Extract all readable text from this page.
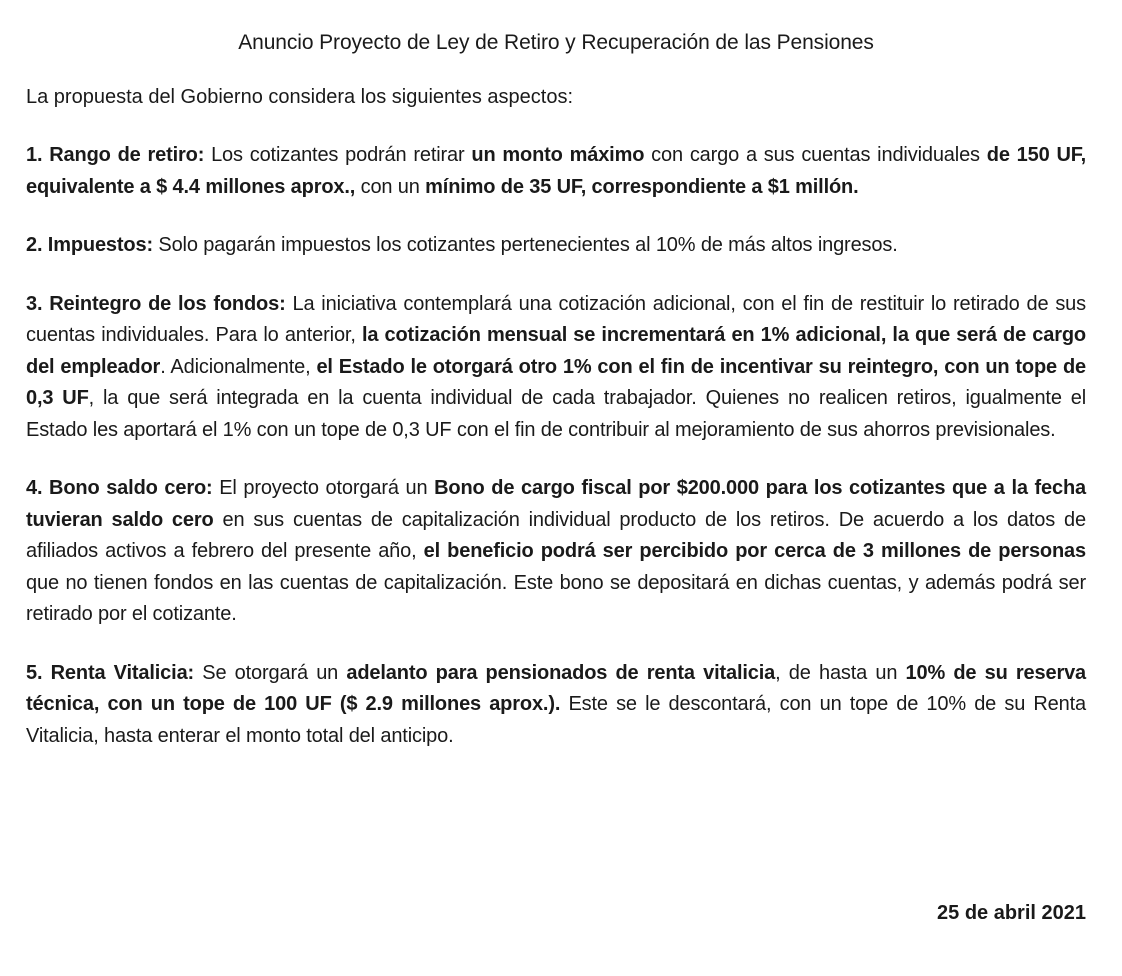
Anuncio Proyecto de Ley de Retiro y Recuperación de las Pensiones
La propuesta del Gobierno considera los siguientes aspectos:
1. Rango de retiro: Los cotizantes podrán retirar un monto máximo con cargo a sus cuentas individuales de 150 UF, equivalente a $ 4.4 millones aprox., con un mínimo de 35 UF, correspondiente a $1 millón.
2. Impuestos: Solo pagarán impuestos los cotizantes pertenecientes al 10% de más altos ingresos.
3. Reintegro de los fondos: La iniciativa contemplará una cotización adicional, con el fin de restituir lo retirado de sus cuentas individuales. Para lo anterior, la cotización mensual se incrementará en 1% adicional, la que será de cargo del empleador. Adicionalmente, el Estado le otorgará otro 1% con el fin de incentivar su reintegro, con un tope de 0,3 UF, la que será integrada en la cuenta individual de cada trabajador. Quienes no realicen retiros, igualmente el Estado les aportará el 1% con un tope de 0,3 UF con el fin de contribuir al mejoramiento de sus ahorros previsionales.
4. Bono saldo cero: El proyecto otorgará un Bono de cargo fiscal por $200.000 para los cotizantes que a la fecha tuvieran saldo cero en sus cuentas de capitalización individual producto de los retiros. De acuerdo a los datos de afiliados activos a febrero del presente año, el beneficio podrá ser percibido por cerca de 3 millones de personas que no tienen fondos en las cuentas de capitalización. Este bono se depositará en dichas cuentas, y además podrá ser retirado por el cotizante.
5. Renta Vitalicia: Se otorgará un adelanto para pensionados de renta vitalicia, de hasta un 10% de su reserva técnica, con un tope de 100 UF ($ 2.9 millones aprox.). Este se le descontará, con un tope de 10% de su Renta Vitalicia, hasta enterar el monto total del anticipo.
25 de abril 2021
